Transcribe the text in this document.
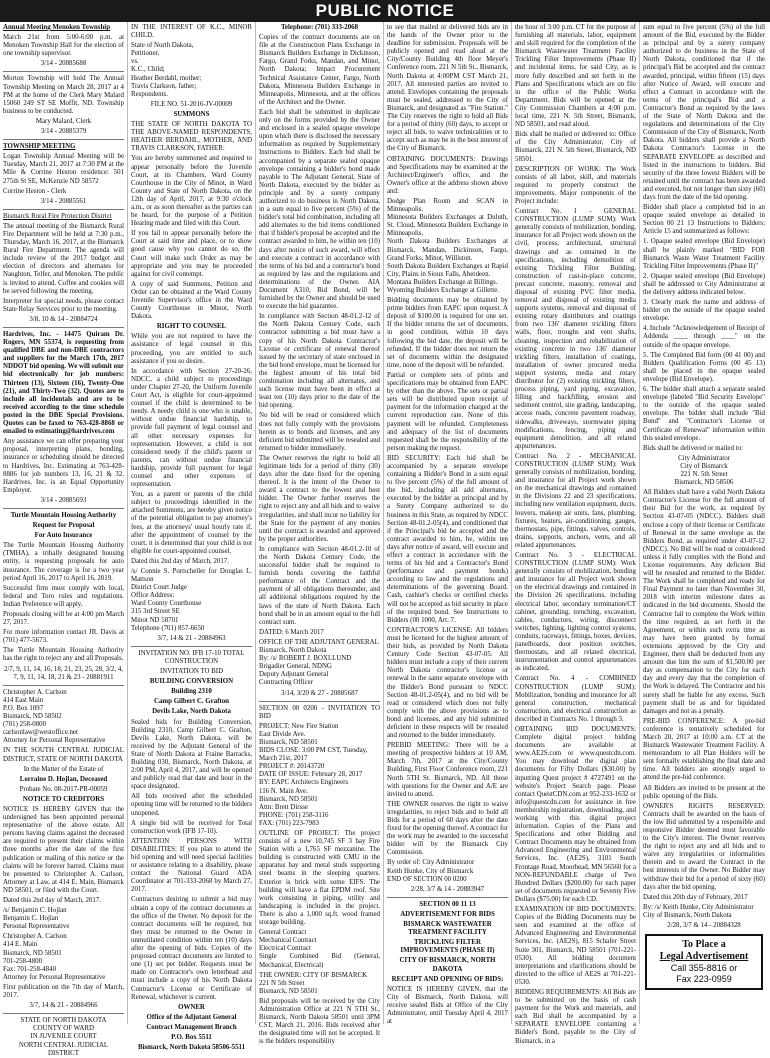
PUBLIC NOTICE

Annual Meeting Menoken Township

March 21st from 5:00-6:00 p.m. at Menoken Township Hall for the election of one township supervisor.

3/14 - 20885688

Morton Township will hold The Annual Township Meeting on March 28, 2017 at 4 PM at the home of the Clerk Mary Malard 15060 249 ST SE Moffit, ND. Township business to be conducted.

Mary Malard, Clerk

3/14 - 20885379

TOWNSHIP MEETING

Logan Township Annual Meeting will be Tuesday, March 21, 2017 at 7:30 PM at the Mile & Corrine Heston residence: 501 275th St SE, McKenzie ND 58572

Corrine Heston - Clerk

3/14 - 20885561

Bismarck Rural Fire Protection District

The annual meeting of the Bismarck Rural Fire Department will be held at 7:30 p.m., Thursday, March 16, 2017, at the Bismarck Rural Fire Department. The agenda will include review of the 2017 budget and election of directors and alternates for Naughton, Telfer, and Menoken. The public is invited to attend. Coffee and cookies will be served following the meeting.

Interpreter for special needs, please contact State Relay Services prior to the meeting.

3/8, 10 & 14 - 20884724

Hardrives, Inc. - 14475 Quiram Dr. Rogers, MN 55374, is requesting from qualified DBE and non-DBE contractors and suppliers for the March 17th, 2017 NDDOT bid opening. We will submit our bid electronically for job numbers: Thirteen (13), Sixteen (16), Twenty-One (21), and Thirty-Two (32). Quotes are to include all incidentals and are to be received according to the time schedule posted in the DBE Special Provisions. Quotes can be faxed to 763-428-8868 or emailed to estimating@hardrives.com

Any assistance we can offer preparing your proposal, interpreting plans, bonding, insurance or scheduling should be directed to Hardrives, Inc. Estimating at 763-428-8886 for job numbers 13, 16, 21 & 32. Hardrives, Inc. is an Equal Opportunity Employer.

3/14 - 20885693

Turtle Mountain Housing Authority

Request for Proposal

For Auto Insurance

The Turtle Mountain Housing Authority (TMHA), a tribally designated housing entity, is requesting proposals for auto insurance. The coverage is for a two year period April 16, 2017 to April 16, 2019.

Successful firm must comply with local, federal and Toro rules and regulations. Indian Preference will apply.

Proposals closing will be at 4:00 pm March 27, 2017.

For more information contact JR. Davis at (701) 477-5673.

The Turtle Mountain Housing Authority has the right to reject any and all Proposals.

2/7, 9, 11, 14, 16, 18, 21, 23, 25, 28, 3/2, 4, 7, 9, 11, 14, 18, 21 & 23 - 20881911

Christopher A. Carlson
414 East Main
P.O. Box 1097
Bismarck, ND 58502
(701) 258-0800
carlsonlaw@westoffice.net
Attorney for Personal Representative

IN THE SOUTH CENTRAL JUDICIAL DISTRICT, STATE OF NORTH DAKOTA

In the Matter of the Estate of

Lorraine D. Hojlan, Deceased

Probate No. 08-2017-PR-00059

NOTICE TO CREDITORS

NOTICE IS HEREBY GIVEN that the undersigned has been appointed personal representative of the above estate. All persons having claims against the deceased are required to present their claims within three months after the date of the first publication or mailing of this notice or the claims will be forever barred. Claims must be presented to Christopher A. Carlson, Attorney at Law, at 414 E. Main, Bismarck ND 58501, or filed with the Court.

Dated this 2nd day of March, 2017.

/s/ Benjamin C. Hojlan
Benjamin C. Hojlan
Personal Representative

Christopher A. Carlson
414 E. Main
Bismarck, ND 58501
701-258-4800
Fax: 701-258-4840
Attorney for Personal Representative

First publication on the 7th day of March, 2017.

3/7, 14 & 21 - 20884966

STATE OF NORTH DAKOTA
COUNTY OF WARD
IN JUVENILE COURT
NORTH CENTRAL JUDICIAL DISTRICT

IN THE INTEREST OF K.C., MINOR CHILD.

State of North Dakota,
Petitioner,
vs.
K.C., Child;
Heather Berdahl, mother;
Travis Clarkson, father;
Respondents.

FILE NO. 51-2016-JV-00009

SUMMONS

THE STATE OF NORTH DAKOTA TO THE ABOVE-NAMED RESPONDENTS, HEATHER BERDAHL, MOTHER, AND TRAVIS CLARKSON, FATHER:

You are hereby summoned and required to appear personally before the Juvenile Court, at its Chambers, Ward County Courthouse in the City of Minot, in Ward County and State of North Dakota, on the 12th day of April, 2017, at 9:30 o'clock a.m., or as soon thereafter as the parties can be heard, for the purpose of a Petition Hearing made and filed with this Court.

If you fail to appear personally before the Court at said time and place, or to show good cause why you cannot do so, the Court will make such Order as may be appropriate and you may be proceeded against for civil contempt.

A copy of said Summons, Petition and Order can be obtained at the Ward County Juvenile Supervisor's office in the Ward County Courthouse in Minot, North Dakota.

RIGHT TO COUNSEL

While you are not required to have the assistance of legal counsel in this proceeding, you are entitled to such assistance if you so desire.

In accordance with Section 27-20-26, NDCC, a child subject to proceedings under Chapter 27-20, the Uniform Juvenile Court Act, is eligible for court-appointed counsel if the child is determined to be needy. A needy child is one who is unable, without undue financial hardship, to provide full payment of legal counsel and all other necessary expenses for representation. However, a child is not considered needy if the child's parent or parents, can without undue financial hardship, provide full payment for legal counsel and other expenses of representation.

You, as a parent or parents of the child subject to proceedings identified in the attached Summons, are hereby given notice of the potential obligation to pay attorney's fees, at the attorneys' usual hourly rate if, after the appointment of counsel by the court, it is determined that your child is not eligible for court-appointed counsel.

Dated this 2nd day of March, 2017.

/s/ Connie S. Portscheller for Douglas L. Mattson
District Court Judge
Office Address:
Ward County Courthouse
315 3rd Street SE
Minot ND 58701
Telephone (701) 857-6650

3/7, 14 & 21 - 20884963

INVITATION NO. IFB 17-10 TOTAL CONSTRUCTION

INVITATION TO BID

BUILDING CONVERSION

Building 2310

Camp Gilbert C. Grafton

Devils Lake, North Dakota

Sealed bids for Building Conversion, Building 2310, Camp Gilbert C. Grafton, Devils Lake, North Dakota, will be received by the Adjutant General of the State of North Dakota at Fraine Barracks, Building 030, Bismarck, North Dakota, at 2:00 PM, April 4, 2017, and will be opened and publicly read that date and hour in the space designated.

All bids received after the scheduled opening time will be returned to the bidders unopened.

A single bid will be received for Total construction work (IFB 17-10).

ATTENTION PERSONS WITH DISABILITIES: If you plan to attend the bid opening and will need special facilities or assistance relating to a disability, please contact the National Guard ADA Coordinator at 701-333-2068 by March 27, 2017.

Contractors desiring to submit a bid may obtain a copy of the contract documents at the office of the Owner. No deposit for the contract documents will be required, but they must be returned to the Owner in unmutilated condition within ten (10) days after the opening of bids. Copies of the proposed contract documents are limited to one (1) set per bidder. Requests must be made on Contractor's own letterhead and must include a copy of his North Dakota Contractor's License or Certificate of Renewal, whichever is current.

OWNER

Office of the Adjutant General

Contract Management Branch

P.O. Box 5511

Bismarck, North Dakota 58506-5511

Telephone: (701) 333-2068

Copies of the contract documents are on file at the Construction Plans Exchange in Bismarck Builders Exchange in Dickinson, Fargo, Grand Forks, Mandan, and Minot, North Dakota; Impact Procurement Technical Assistance Center, Fargo, North Dakota, Minnesota Builders Exchange in Minneapolis, Minnesota, and at the offices of the Architect and the Owner.

Each bid shall be submitted in duplicate only on the forms provided by the Owner and enclosed in a sealed opaque envelope upon which there is disclosed the necessary information as required by Supplementary Instructions to Bidders. Each bid shall be accompanied by a separate sealed opaque envelope containing a bidder's bond made payable to The Adjutant General, State of North Dakota, executed by the bidder as principle and by a surety company authorized to do business in North Dakota, in a sum equal to five percent (5%) of the bidder's total bid combination, including all add alternates to the bid items conditioned that if bidder's proposal be accepted and the contract awarded to him, he within ten (10) days after notice of such award, will effect and execute a contract in accordance with the terms of his bid and a contractor's bond as required by law and the regulations and determinations of the Owner. AIA Document A310, Bid Bond, will be furnished by the Owner and should be used to execute the bid guarantee.

In compliance with Section 48-01.2-12 of the North Dakota Century Code, each contractor submitting a bid must have a copy of his North Dakota Contractor's License or certificate of renewal thereof issued by the secretary of state enclosed in the bid bond envelope, must be licensed for the highest amount of his total bid combination including all alternates, and such license must have been in effect at least ten (10) days prior to the date of the bid opening.

No bid will be read or considered which does not fully comply with the provisions herein as to bonds and licenses, and any deficient bid submitted will be resealed and returned to bidder immediately.

The Owner reserves the right to hold all legitimate bids for a period of thirty (30) days after the date fixed for the opening thereof. It is the intent of the Owner to award a contract to the lowest and best bidder. The Owner further reserves the right to reject any and all bids and to waive irregularities, and shall incur no liability for the State for the payment of any monies until the contract is awarded and approved by the proper authorities.

In compliance with Section 48-01.2-10 of the North Dakota Century Code, the successful bidder shall be required to furnish bonds covering the faithful performance of the Contract and the payment of all obligations thereunder, and all additional obligations required by the laws of the state of North Dakota. Each bond shall be in an amount equal to the full contract sum.

DATED: 6 March 2017

OFFICE OF THE ADJUTANT GENERAL
Bismarck, North Dakota
By: /s/ ROBERT J. BOXLLUND
Brigadier General, NDNG
Deputy Adjutant General
Contracting Officer

3/14, 3/20 & 27 - 20885687

SECTION 00 0200 - INVITATION TO BID

PROJECT: New Fire Station
East Divide Ave.
Bismarck, ND 58501
BIDS CLOSE: 3:00 PM CST, Tuesday,
March 21st, 2017
PROJECT #: 20143720
DATE OF ISSUE: February 28, 2017
BY: EAPC Architects Engineers
116 N. Main Ave.
Bismarck, ND 58501
Attn: Brett Dirsse
PHONE: (701) 258-3116
FAX: (701) 223-7983

OUTLINE OF PROJECT: The project consists of a new 10,745 SF 3 bay Fire Station with a 1,765 SF mezzanine. The building is constructed with CMU in the apparatus bay and metal studs supporting steel beams in the sleeping quarters. Exterior is brick with some EIFS. The building will have a flat EPDM roof. Site work consisting in piping, utility and landscaping is included in the project. There is also a 1,000 sq.ft. wood framed storage building.

General Contract
Mechanical Contract
Electrical Contract
Single Combined Bid (General, Mechanical, Electrical)

THE OWNER: CITY OF BISMARCK
221 N 5th Street
Bismarck, ND 58501

Bid proposals will be received by the City Administration Office at 221 N 5TH St., Bismarck, North Dakota 58501 until 3PM CST, March 21, 2016. Bids received after the designated time will not be accepted. It is the bidders responsibility

to see that mailed or delivered bids are in the hands of the Owner prior to the deadline for submission. Proposals will be publicly opened and read aloud at the City/County Building 4th floor Meyer's Conference room, 221 N 5th St., Bismarck, North Dakota at 4:00PM CST March 21, 2017. All interested parties are invited to attend. Envelopes containing the proposals must be sealed, addressed to the City of Bismarck, and designated as "Fire Station." The City reserves the right to hold all Bids for a period of thirty (60) days, to accept or reject all bids, to waive technicalities or to accept such as may be in the best interest of the City of Bismarck.

OBTAINING DOCUMENTS: Drawings and Specifications may be examined at the Architect/Engineer's office, and the Owner's office at the address shown above and:

Dodge Plan Room and SCAN in Minneapolis.
Minnesota Builders Exchanges at Duluth, St. Cloud, Minnesota Builders Exchange in Minneapolis.
North Dakota Builders Exchanges at Bismarck, Mandan, Dickinson, Fargo, Grand Forks, Minot, Williston.
South Dakota Builders Exchanges at Rapid City, Plains in Sioux Falls, Aberdeen.
Montana Builders Exchange at Billings.
Wyoming Builders Exchange at Gillette.

Bidding documents may be obtained by prime bidders from EAPC upon request. A deposit of $100.00 is required for one set. If the bidder returns the set of documents, in good condition, within 10 days following the bid date, the deposit will be refunded. If the bidder does not return the set of documents within the designated time, none of the deposit will be refunded.

Partial or complete sets of prints and specifications may be obtained from EAPC by other than the above. The sets or partial sets will be distributed upon receipt of payment for the information charged at the current reproduction rate. None of this payment will be refunded. Completeness and adequacy of the list of documents requested shall be the responsibility of the person making the request.

BID SECURITY: Each bid shall be accompanied by a separate envelope containing a Bidder's Bond in a sum equal to five percent (5%) of the full amount of the bid, including all add alternates, executed by the bidder as principal and by a Surety Company authorized to do business in this State, as required by NDCC Section 48-01.2-05(4), and conditioned that if the Principal's bid be accepted and the contract awarded to him, he, within ten days after notice of award, will execute and effect a contract in accordance with the terms of his bid and a Contractor's Bond (performance and payment bonds) according to law and the regulations and determinations of the governing Board. Cash, cashier's checks or certified checks will not be accepted as bid security in place of the required bond. See Instructions to Bidders (00 1000, Art. 7.

CONTRACTOR'S LICENSE: All bidders must be licensed for the highest amount of their bids, as provided by North Dakota Century Code Section 43-07-05. All bidders must include a copy of their current North Dakota contractor's license or renewal in the same separate envelope with the Bidder's Bond pursuant to NDCC Section 48-01.2-05(4), and no bid will be read or considered which does not fully comply with the above provisions as to bond and licenses, and any bid submitted deficient in these respects will be resealed and returned to the bidder immediately.

PREBID MEETING: There will be a meeting of prospective bidders at 10 AM, March 7th, 2017 at the City/County Building, First Floor Conference room, 221 North 5TH St. Bismarck, ND. All those with questions for the Owner and A/E are invited to attend.

THE OWNER reserves the right to waive irregularities, to reject bids and to hold all Bids for a period of 60 days after the date fixed for the opening thereof. A contract for the work may be awarded to the successful bidder will by the Bismarck City Commission.

By order of: City Administrator
Keith Hunke, City of Bismarck
END OF SECTION 00 0200

2/28, 3/7 & 14 - 20883947

SECTION 00 11 13

ADVERTISEMENT FOR BIDS

BISMARCK WASTEWATER TREATMENT FACILITY

TRICKLING FILTER IMPROVEMENTS (PHASE II)

CITY OF BISMARCK, NORTH DAKOTA

RECEIPT AND OPENING OF BIDS:

NOTICE IS HEREBY GIVEN, that the City of Bismarck, North Dakota, will receive sealed Bids at Office of the City Administrator, until Tuesday April 4, 2017 at

the hour of 3:00 p.m. CT for the purpose of furnishing all materials, labor, equipment and skill required for the completion of the Bismarck Wastewater Treatment Facility Trickling Filter Improvements (Phase II) and incidental items, for said City, as is more fully described and set forth in the Plans and Specifications which are on file in the office of the Public Works Department. Bids will be opened at the City Commission Chambers at 4:00 p.m. local time, 221 N. 5th Street, Bismarck, ND 58501, and read aloud.

Bids shall be mailed or delivered to: Office of the City Administrator, City of Bismarck, 221 N. 5th Street, Bismarck, ND 58501.

DESCRIPTION OF WORK: The Work consists of all labor, skill, and materials required to properly construct the improvements. Major components of the Project include:

Contract No. 1 - GENERAL CONSTRUCTION (LUMP SUM): Work generally consists of mobilization, bonding, insurance for all Project work shown on the civil, process, architectural, structural drawings and as contained in the specifications, including demolition of existing Trickling Filter Building, construction of cast-in-place concrete, precast concrete, masonry, removal and disposal of existing PVC filter media, removal and disposal of existing media supports systems, removal and disposal of existing rotary distributors and coatings from two 136' diameter trickling filters walls, floor, troughs and vent shafts, cleaning, inspection and rehabilitation of existing concrete in two 136' diameter trickling filters, installation of coatings, installation of owner procured media support systems, media and rotary distributor for (2) existing trickling filters, process piping, yard piping, excavation, filling and backfilling, erosion and sediment control, site grading, landscaping, access roads, concrete pavement roadway, sidewalks, driveways, stormwater piping modifications, fencing, piping and equipment demolition, and all related appurtenances.

Contract No. 2 - MECHANICAL CONSTRUCTION (LUMP SUM): Work generally consists of mobilization, bonding, and insurance for all Project work shown on the mechanical drawings and contained in the Divisions 22 and 23 specifications, including new ventilation equipment, ducts, louvers, makeup air units, fans, plumbing, fixtures, heaters, air-conditioning, gauges, thermostats, pipe, fittings, valves, controls, drains, supports, anchors, vents, and all related appurtenances.

Contract No. 3 - ELECTRICAL CONSTRUCTION (LUMP SUM): Work generally consists of mobilization, bonding and insurance for all Project work shown on the electrical drawings and contained in the Division 26 specifications, including electrical labor, secondary termination/CT cabinet, grounding, trenching, excavation, cables, conductors, wiring, disconnect switches, lighting, lighting control systems, conduits, raceways, fittings, boxes, devices, panelboards, door position switches, thermostats, and all related electrical, instrumentation and control appurtenances as indicated.

Contract No. 4 - COMBINED CONSTRUCTION (LUMP SUM): Mobilization, bonding and insurance for all general construction, mechanical construction, and electrical construction as described in Contracts No. 1 through 3.

OBTAINING BID DOCUMENTS: Complete digital project bidding documents are available at www.AE2S.com or www.questcdn.com. You may download the digital plan documents for Fifty Dollars ($30.00) by inputting Quest project # 4727491 on the website's Project Search page. Please contact QuestCDN.com at 952-233-1632 or info@questcdn.com for assistance in free membership registration, downloading, and working with this digital project information. Copies of the Plans and Specifications and other Bidding and Contract Documents may be obtained from Advanced Engineering and Environmental Services, Inc. (AE2S), 3101 South Frontage Road, Moorhead, MN 56560 for a NON-REFUNDABLE charge of Two Hundred Dollars ($200.00) for each paper set of documents requested or Seventy Five Dollars ($75.00) for each CD.

EXAMINATION OF BID DOCUMENTS: Copies of the Bidding Documents may be seen and examined at the office of Advanced Engineering and Environmental Services, Inc. (AE2S), 815 Schafer Street Suite 301, Bismarck, ND 58501 (701-221-0530). All bidding document interpretations and clarifications should be directed to the office of AE2S at 701-221-0530.

BIDDING REQUIREMENTS: All Bids are to be submitted on the basis of cash payment for the Work and materials, and each Bid shall be accompanied by a SEPARATE ENVELOPE containing a Bidder's Bond, payable to the City of Bismarck, in a

sum equal to five percent (5%) of the full amount of the Bid, executed by the Bidder as principal and by a surety company authorized to do business in the State of North Dakota, conditioned that if the principal's Bid be accepted and the contract awarded, principal, within fifteen (15) days after Notice of Award, will execute and effect a Contract in accordance with the terms of the principal's Bid and a Contractor's Bond as required by the laws of the State of North Dakota and the regulations and determinations of the City Commission of the City of Bismarck, North Dakota. All bidders shall provide a North Dakota Contractor's License in the SEPARATE ENVELOPE as described and listed in the instructions to bidders. Bid security of the three lowest Bidders will be retained until the contract has been awarded and executed, but not longer than sixty (60) days from the date of the bid opening.

Bidder shall place a completed bid in an opaque sealed envelope as detailed in Section 00 21 13 Instructions to Bidders; Article 15 and summarized as follows:

1. Opaque sealed envelope (Bid Envelope) shall be plainly marked "BID FOR Bismarck Waste Water Treatment Facility Trickling Filter Improvements (Phase II)"

2. Opaque sealed envelope (Bid Envelope) shall be addressed to City Administrator at the delivery address indicated below.

3. Clearly mark the name and address of bidder on the outside of the opaque sealed envelope.

4. Include "Acknowledgement of Receipt of Addenda ____ through ____" on the outside of the opaque envelope.

5. The Completed Bid form (00 41 00) and Bidders Qualification Forms (00 45 13) shall be placed in the opaque sealed envelope (Bid Envelope).

6. The bidder shall attach a separate sealed envelope (labeled "Bid Security Envelope" to the outside of the opaque sealed envelope. The bidder shall include "Bid Bond" and "Contractor's License or Certificate of Renewal" information within this sealed envelope.

Bids shall be delivered or mailed to:

City Administrator
City of Bismarck
221 N. 5th Street
Bismarck, ND 58506

All Bidders shall have a valid North Dakota Contractor's License for the full amount of their Bid for the work, as required by Section 43-07-05 (NDCC). Bidders shall enclose a copy of their license or Certificate of Renewal in the same envelope as the Bidders Bond, as required under 43-07-12 (NDCC). No Bid will be read or considered unless it fully complies with the Bond and License requirements. Any deficient Bid will be resealed and returned to the Bidder. The Work shall be completed and ready for Final Payment no later than November 30, 2018 with interim milestone dates as indicated in the bid documents. Should the Contractor fail to complete the Work within the time required, as set forth in the Agreement, or within such extra time as may have been granted by formal extensions approved by the City and Engineer, there shall be deducted from any amount due him the sum of $1,500.00 per day as compensation to the City for each day and every day that the completion of the Work is delayed. The Contractor and his surety shall be liable for any excess. Such payment shall be as and for liquidated damages and not as a penalty.

PRE-BID CONFERENCE: A pre-bid conference is tentatively scheduled for March 20, 2017 at 10:00 a.m. CT at the Bismarck Wastewater Treatment Facility. A memorandum to all Plan Holders will be sent formally establishing the final date and time. All bidders are strongly urged to attend the pre-bid conference.

All Bidders are invited to be present at the public opening of the Bids.

OWNER'S RIGHTS RESERVED: Contracts shall be awarded on the basis of the low Bid submitted by a responsible and responsive Bidder deemed most favorable to the City's interest. The Owner reserves the right to reject any and all bids and to waive any irregularities or informalities therein and to award the Contract in the best interests of the Owner. No Bidder may withdraw their bid for a period of sixty (60) days after the bid opening.

Dated this 20th day of February, 2017

By: /s/ Keith Hunke, City Administrator
City of Bismarck, North Dakota

2/28, 3/7 & 14 - 20884328

To Place a
Legal Advertisement
Call 355-8816 or
Fax 223-0959
